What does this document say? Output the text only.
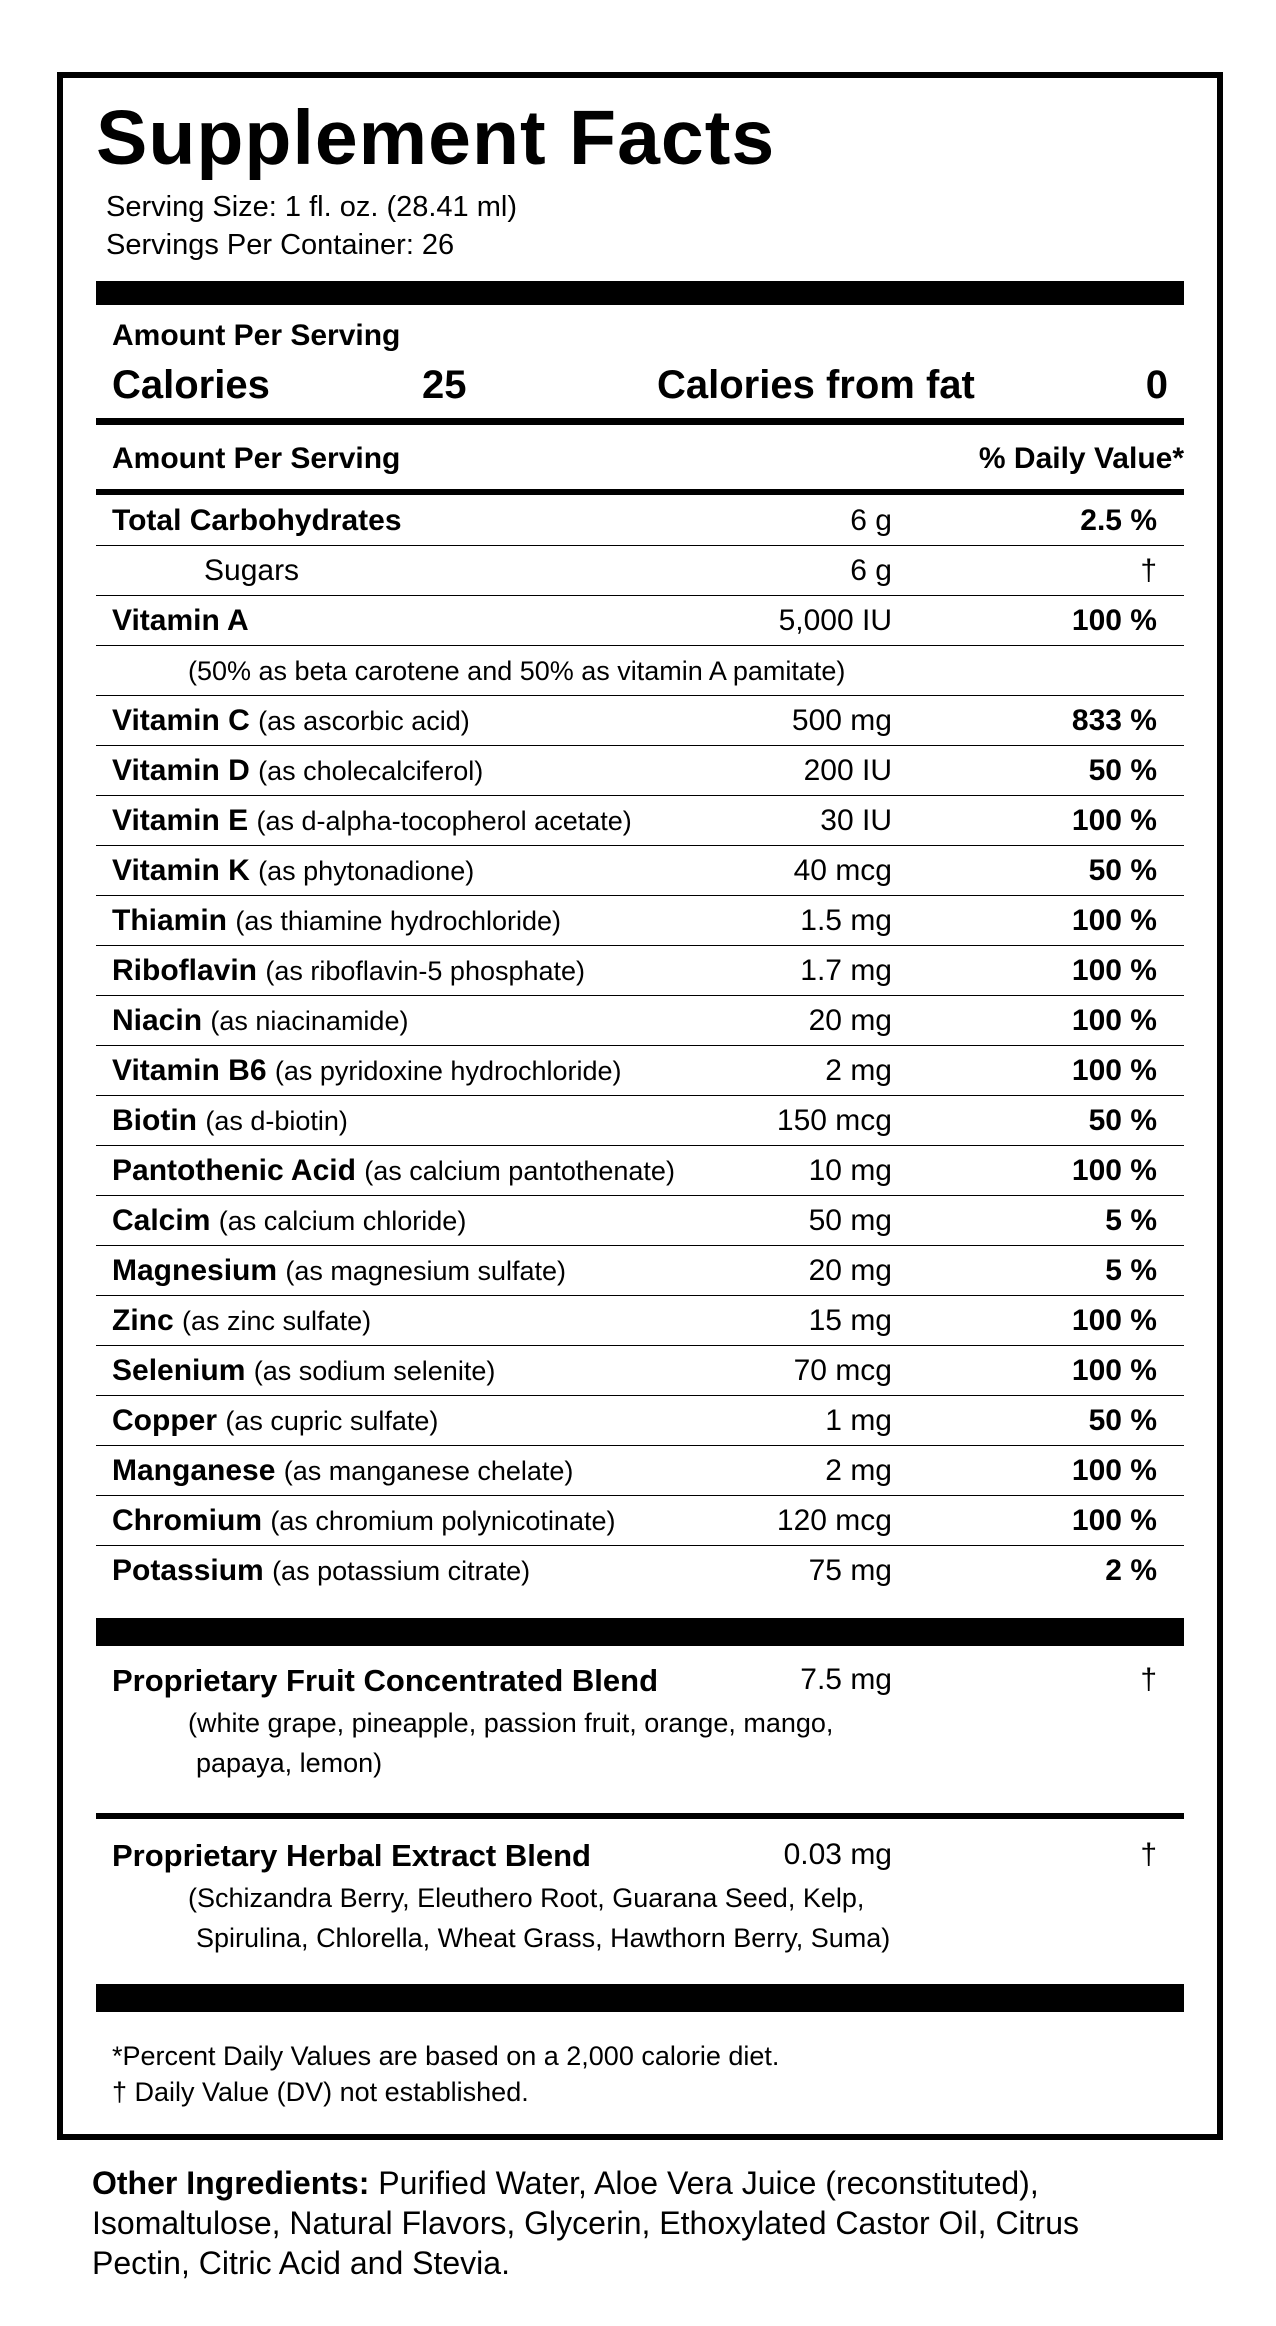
Supplement Facts
Serving Size: 1 fl. oz. (28.41 ml)
Servings Per Container: 26
Amount Per Serving
Calories	25	Calories from fat	0
Amount Per Serving	% Daily Value*
Total Carbohydrates	6 g	2.5 %
Sugars	6 g	†
Vitamin A	5,000 IU	100 %
(50% as beta carotene and 50% as vitamin A pamitate)
Vitamin C (as ascorbic acid)	500 mg	833 %
Vitamin D (as cholecalciferol)	200 IU	50 %
Vitamin E (as d-alpha-tocopherol acetate)	30 IU	100 %
Vitamin K (as phytonadione)	40 mcg	50 %
Thiamin (as thiamine hydrochloride)	1.5 mg	100 %
Riboflavin (as riboflavin-5 phosphate)	1.7 mg	100 %
Niacin (as niacinamide)	20 mg	100 %
Vitamin B6 (as pyridoxine hydrochloride)	2 mg	100 %
Biotin (as d-biotin)	150 mcg	50 %
Pantothenic Acid (as calcium pantothenate)	10 mg	100 %
Calcim (as calcium chloride)	50 mg	5 %
Magnesium (as magnesium sulfate)	20 mg	5 %
Zinc (as zinc sulfate)	15 mg	100 %
Selenium (as sodium selenite)	70 mcg	100 %
Copper (as cupric sulfate)	1 mg	50 %
Manganese (as manganese chelate)	2 mg	100 %
Chromium (as chromium polynicotinate)	120 mcg	100 %
Potassium (as potassium citrate)	75 mg	2 %
Proprietary Fruit Concentrated Blend	7.5 mg	†
(white grape, pineapple, passion fruit, orange, mango,
papaya, lemon)
Proprietary Herbal Extract Blend	0.03 mg	†
(Schizandra Berry, Eleuthero Root, Guarana Seed, Kelp,
Spirulina, Chlorella, Wheat Grass, Hawthorn Berry, Suma)
*Percent Daily Values are based on a 2,000 calorie diet.
† Daily Value (DV) not established.
Other Ingredients: Purified Water, Aloe Vera Juice (reconstituted), Isomaltulose, Natural Flavors, Glycerin, Ethoxylated Castor Oil, Citrus Pectin, Citric Acid and Stevia.
